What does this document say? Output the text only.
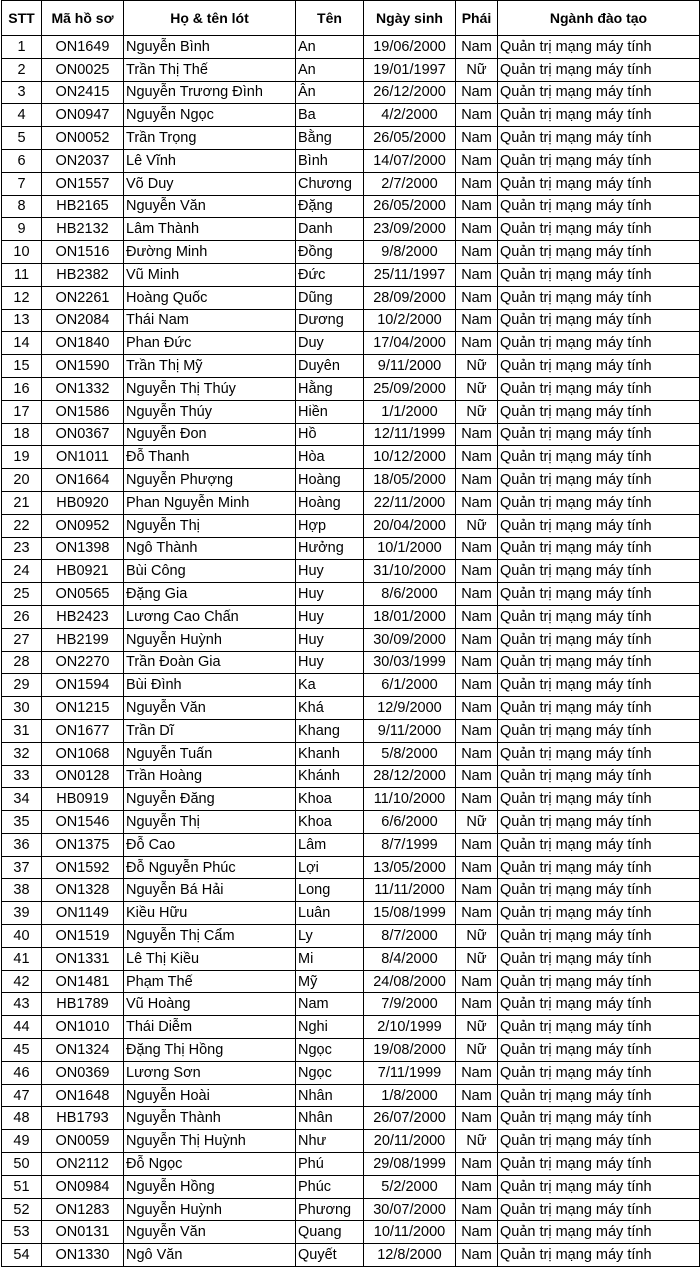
STT	Mã hồ sơ	Họ & tên lót	Tên	Ngày sinh	Phái	Ngành đào tạo
1	ON1649	Nguyễn Bình	An	19/06/2000	Nam	Quản trị mạng máy tính
2	ON0025	Trần Thị Thế	An	19/01/1997	Nữ	Quản trị mạng máy tính
3	ON2415	Nguyễn Trương Đình	Ân	26/12/2000	Nam	Quản trị mạng máy tính
4	ON0947	Nguyễn Ngọc	Ba	4/2/2000	Nam	Quản trị mạng máy tính
5	ON0052	Trần Trọng	Bằng	26/05/2000	Nam	Quản trị mạng máy tính
6	ON2037	Lê Vĩnh	Bình	14/07/2000	Nam	Quản trị mạng máy tính
7	ON1557	Võ Duy	Chương	2/7/2000	Nam	Quản trị mạng máy tính
8	HB2165	Nguyễn Văn	Đặng	26/05/2000	Nam	Quản trị mạng máy tính
9	HB2132	Lâm Thành	Danh	23/09/2000	Nam	Quản trị mạng máy tính
10	ON1516	Đường Minh	Đồng	9/8/2000	Nam	Quản trị mạng máy tính
11	HB2382	Vũ Minh	Đức	25/11/1997	Nam	Quản trị mạng máy tính
12	ON2261	Hoàng Quốc	Dũng	28/09/2000	Nam	Quản trị mạng máy tính
13	ON2084	Thái Nam	Dương	10/2/2000	Nam	Quản trị mạng máy tính
14	ON1840	Phan Đức	Duy	17/04/2000	Nam	Quản trị mạng máy tính
15	ON1590	Trần Thị Mỹ	Duyên	9/11/2000	Nữ	Quản trị mạng máy tính
16	ON1332	Nguyễn Thị Thúy	Hằng	25/09/2000	Nữ	Quản trị mạng máy tính
17	ON1586	Nguyễn Thúy	Hiền	1/1/2000	Nữ	Quản trị mạng máy tính
18	ON0367	Nguyễn Đon	Hồ	12/11/1999	Nam	Quản trị mạng máy tính
19	ON1011	Đỗ Thanh	Hòa	10/12/2000	Nam	Quản trị mạng máy tính
20	ON1664	Nguyễn Phượng	Hoàng	18/05/2000	Nam	Quản trị mạng máy tính
21	HB0920	Phan Nguyễn Minh	Hoàng	22/11/2000	Nam	Quản trị mạng máy tính
22	ON0952	Nguyễn Thị	Hợp	20/04/2000	Nữ	Quản trị mạng máy tính
23	ON1398	Ngô Thành	Hưởng	10/1/2000	Nam	Quản trị mạng máy tính
24	HB0921	Bùi Công	Huy	31/10/2000	Nam	Quản trị mạng máy tính
25	ON0565	Đặng Gia	Huy	8/6/2000	Nam	Quản trị mạng máy tính
26	HB2423	Lương Cao Chấn	Huy	18/01/2000	Nam	Quản trị mạng máy tính
27	HB2199	Nguyễn Huỳnh	Huy	30/09/2000	Nam	Quản trị mạng máy tính
28	ON2270	Trần Đoàn Gia	Huy	30/03/1999	Nam	Quản trị mạng máy tính
29	ON1594	Bùi Đình	Ka	6/1/2000	Nam	Quản trị mạng máy tính
30	ON1215	Nguyễn Văn	Khá	12/9/2000	Nam	Quản trị mạng máy tính
31	ON1677	Trần Dĩ	Khang	9/11/2000	Nam	Quản trị mạng máy tính
32	ON1068	Nguyễn Tuấn	Khanh	5/8/2000	Nam	Quản trị mạng máy tính
33	ON0128	Trần Hoàng	Khánh	28/12/2000	Nam	Quản trị mạng máy tính
34	HB0919	Nguyễn Đăng	Khoa	11/10/2000	Nam	Quản trị mạng máy tính
35	ON1546	Nguyễn Thị	Khoa	6/6/2000	Nữ	Quản trị mạng máy tính
36	ON1375	Đỗ Cao	Lâm	8/7/1999	Nam	Quản trị mạng máy tính
37	ON1592	Đỗ Nguyễn Phúc	Lợi	13/05/2000	Nam	Quản trị mạng máy tính
38	ON1328	Nguyễn Bá Hải	Long	11/11/2000	Nam	Quản trị mạng máy tính
39	ON1149	Kiều Hữu	Luân	15/08/1999	Nam	Quản trị mạng máy tính
40	ON1519	Nguyễn Thị Cẩm	Ly	8/7/2000	Nữ	Quản trị mạng máy tính
41	ON1331	Lê Thị Kiều	Mi	8/4/2000	Nữ	Quản trị mạng máy tính
42	ON1481	Phạm Thế	Mỹ	24/08/2000	Nam	Quản trị mạng máy tính
43	HB1789	Vũ Hoàng	Nam	7/9/2000	Nam	Quản trị mạng máy tính
44	ON1010	Thái Diễm	Nghi	2/10/1999	Nữ	Quản trị mạng máy tính
45	ON1324	Đặng Thị Hồng	Ngọc	19/08/2000	Nữ	Quản trị mạng máy tính
46	ON0369	Lương Sơn	Ngọc	7/11/1999	Nam	Quản trị mạng máy tính
47	ON1648	Nguyễn Hoài	Nhân	1/8/2000	Nam	Quản trị mạng máy tính
48	HB1793	Nguyễn Thành	Nhân	26/07/2000	Nam	Quản trị mạng máy tính
49	ON0059	Nguyễn Thị Huỳnh	Như	20/11/2000	Nữ	Quản trị mạng máy tính
50	ON2112	Đỗ Ngọc	Phú	29/08/1999	Nam	Quản trị mạng máy tính
51	ON0984	Nguyễn Hồng	Phúc	5/2/2000	Nam	Quản trị mạng máy tính
52	ON1283	Nguyễn Huỳnh	Phương	30/07/2000	Nam	Quản trị mạng máy tính
53	ON0131	Nguyễn Văn	Quang	10/11/2000	Nam	Quản trị mạng máy tính
54	ON1330	Ngô Văn	Quyết	12/8/2000	Nam	Quản trị mạng máy tính
